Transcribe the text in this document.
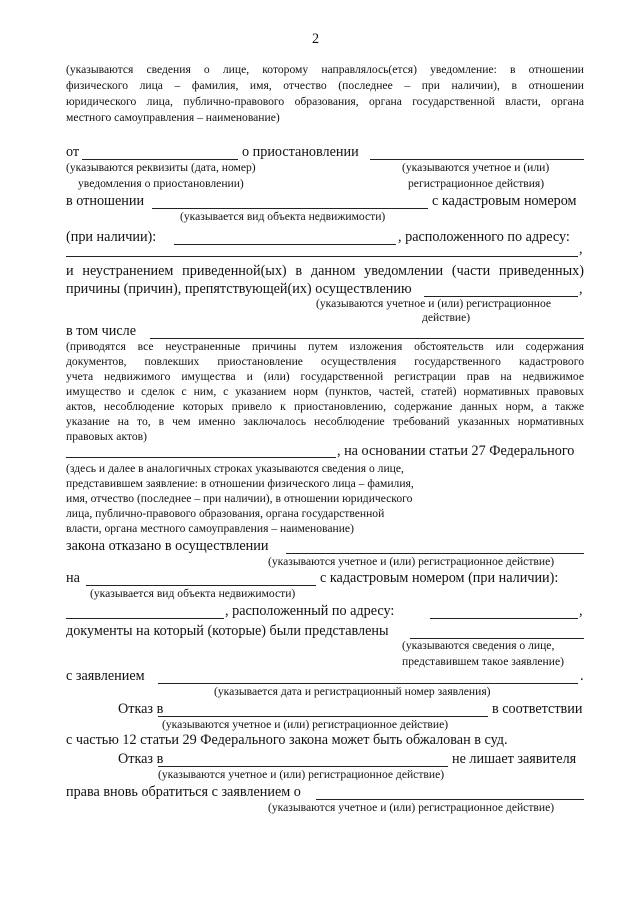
2
(указываются сведения о лице, которому направлялось(ется) уведомление: в отношении
физического лица – фамилия, имя, отчество (последнее – при наличии), в отношении
юридического лица, публично-правового образования, органа государственной власти, органа
местного самоуправления – наименование)
от	о приостановлении
(указываются реквизиты (дата, номер)	(указываются учетное и (или)
уведомления о приостановлении)	регистрационное действия)
в отношении	с кадастровым номером
(указывается вид объекта недвижимости)
(при наличии):	, расположенного по адресу:
,
и неустранением приведенной(ых) в данном уведомлении (части приведенных)
причины (причин), препятствующей(их) осуществлению	,
(указываются учетное и (или) регистрационное
действие)
в том числе
(приводятся все неустраненные причины путем изложения обстоятельств или содержания
документов, повлекших приостановление осуществления государственного кадастрового
учета недвижимого имущества и (или) государственной регистрации прав на недвижимое
имущество и сделок с ним, с указанием норм (пунктов, частей, статей) нормативных правовых
актов, несоблюдение которых привело к приостановлению, содержание данных норм, а также
указание на то, в чем именно заключалось несоблюдение требований указанных нормативных
правовых актов)
, на основании статьи 27 Федерального
(здесь и далее в аналогичных строках указываются сведения о лице,
представившем заявление: в отношении физического лица – фамилия,
имя, отчество (последнее – при наличии), в отношении юридического
лица, публично-правового образования, органа государственной
власти, органа местного самоуправления – наименование)
закона отказано в осуществлении
(указываются учетное и (или) регистрационное действие)
на	с кадастровым номером (при наличии):
(указывается вид объекта недвижимости)
, расположенный по адресу:	,
документы на который (которые) были представлены
(указываются сведения о лице,
представившем такое заявление)
с заявлением	.
(указывается дата и регистрационный номер заявления)
Отказ в	в соответствии
(указываются учетное и (или) регистрационное действие)
с частью 12 статьи 29 Федерального закона может быть обжалован в суд.
Отказ в	не лишает заявителя
(указываются учетное и (или) регистрационное действие)
права вновь обратиться с заявлением о
(указываются учетное и (или) регистрационное действие)
